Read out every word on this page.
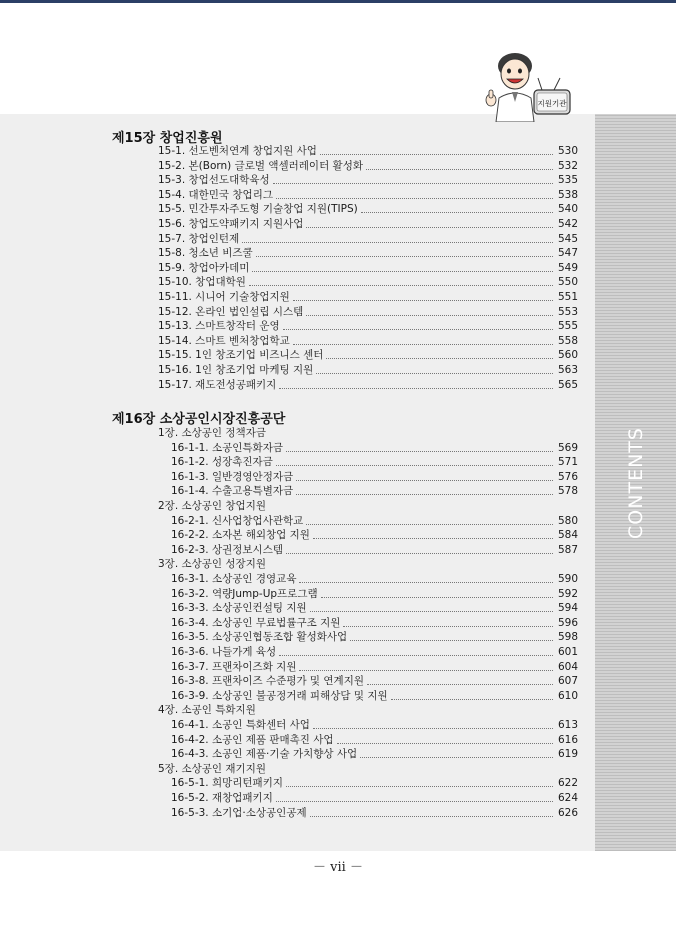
CONTENTS
지원기관
제15장 창업진흥원
15-1. 선도벤처연계 창업지원 사업	530
15-2. 본(Born) 글로벌 액셀러레이터 활성화	532
15-3. 창업선도대학육성	535
15-4. 대한민국 창업리그	538
15-5. 민간투자주도형 기술창업 지원(TIPS)	540
15-6. 창업도약패키지 지원사업	542
15-7. 창업인턴제	545
15-8. 청소년 비즈쿨	547
15-9. 창업아카데미	549
15-10. 창업대학원	550
15-11. 시니어 기술창업지원	551
15-12. 온라인 법인설립 시스템	553
15-13. 스마트창작터 운영	555
15-14. 스마트 벤처창업학교	558
15-15. 1인 창조기업 비즈니스 센터	560
15-16. 1인 창조기업 마케팅 지원	563
15-17. 재도전성공패키지	565
제16장 소상공인시장진흥공단
1장. 소상공인 정책자금
16-1-1. 소공인특화자금	569
16-1-2. 성장촉진자금	571
16-1-3. 일반경영안정자금	576
16-1-4. 수출고용특별자금	578
2장. 소상공인 창업지원
16-2-1. 신사업창업사관학교	580
16-2-2. 소자본 해외창업 지원	584
16-2-3. 상권정보시스템	587
3장. 소상공인 성장지원
16-3-1. 소상공인 경영교육	590
16-3-2. 역량Jump-Up프로그램	592
16-3-3. 소상공인컨설팅 지원	594
16-3-4. 소상공인 무료법률구조 지원	596
16-3-5. 소상공인협동조합 활성화사업	598
16-3-6. 나들가게 육성	601
16-3-7. 프랜차이즈화 지원	604
16-3-8. 프랜차이즈 수준평가 및 연계지원	607
16-3-9. 소상공인 불공정거래 피해상담 및 지원	610
4장. 소공인 특화지원
16-4-1. 소공인 특화센터 사업	613
16-4-2. 소공인 제품 판매촉진 사업	616
16-4-3. 소공인 제품·기술 가치향상 사업	619
5장. 소상공인 재기지원
16-5-1. 희망리턴패키지	622
16-5-2. 재창업패키지	624
16-5-3. 소기업·소상공인공제	626
－ vii －
